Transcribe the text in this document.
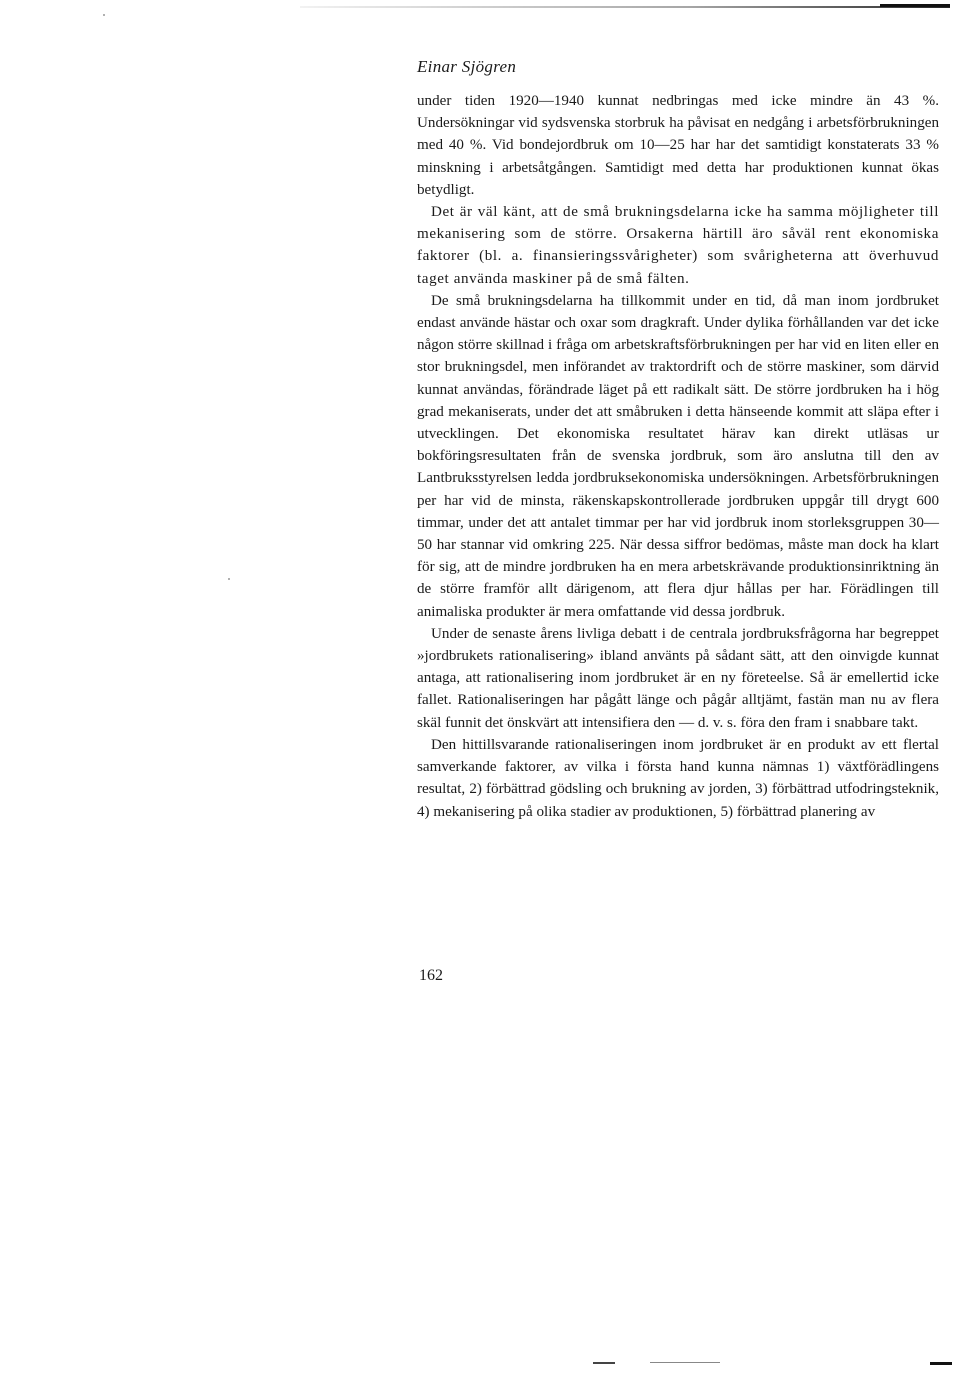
Einar Sjögren

under tiden 1920—1940 kunnat nedbringas med icke mindre än 43 %. Undersökningar vid sydsvenska storbruk ha påvisat en nedgång i arbetsförbrukningen med 40 %. Vid bondejordbruk om 10—25 har har det samtidigt konstaterats 33 % minskning i arbetsåtgången. Samtidigt med detta har produktionen kunnat ökas betydligt.

Det är väl känt, att de små brukningsdelarna icke ha samma möjligheter till mekanisering som de större. Orsakerna härtill äro såväl rent ekonomiska faktorer (bl. a. finansieringssvårigheter) som svårigheterna att överhuvud taget använda maskiner på de små fälten.

De små brukningsdelarna ha tillkommit under en tid, då man inom jordbruket endast använde hästar och oxar som dragkraft. Under dylika förhållanden var det icke någon större skillnad i fråga om arbetskraftsförbrukningen per har vid en liten eller en stor brukningsdel, men införandet av traktordrift och de större maskiner, som därvid kunnat användas, förändrade läget på ett radikalt sätt. De större jordbruken ha i hög grad mekaniserats, under det att småbruken i detta hänseende kommit att släpa efter i utvecklingen. Det ekonomiska resultatet härav kan direkt utläsas ur bokföringsresultaten från de svenska jordbruk, som äro anslutna till den av Lantbruksstyrelsen ledda jordbruksekonomiska undersökningen. Arbetsförbrukningen per har vid de minsta, räkenskapskontrollerade jordbruken uppgår till drygt 600 timmar, under det att antalet timmar per har vid jordbruk inom storleksgruppen 30—50 har stannar vid omkring 225. När dessa siffror bedömas, måste man dock ha klart för sig, att de mindre jordbruken ha en mera arbetskrävande produktionsinriktning än de större framför allt därigenom, att flera djur hållas per har. Förädlingen till animaliska produkter är mera omfattande vid dessa jordbruk.

Under de senaste årens livliga debatt i de centrala jordbruksfrågorna har begreppet »jordbrukets rationalisering» ibland använts på sådant sätt, att den oinvigde kunnat antaga, att rationalisering inom jordbruket är en ny företeelse. Så är emellertid icke fallet. Rationaliseringen har pågått länge och pågår alltjämt, fastän man nu av flera skäl funnit det önskvärt att intensifiera den — d. v. s. föra den fram i snabbare takt.

Den hittillsvarande rationaliseringen inom jordbruket är en produkt av ett flertal samverkande faktorer, av vilka i första hand kunna nämnas 1) växtförädlingens resultat, 2) förbättrad gödsling och brukning av jorden, 3) förbättrad utfodringsteknik, 4) mekanisering på olika stadier av produktionen, 5) förbättrad planering av

162
